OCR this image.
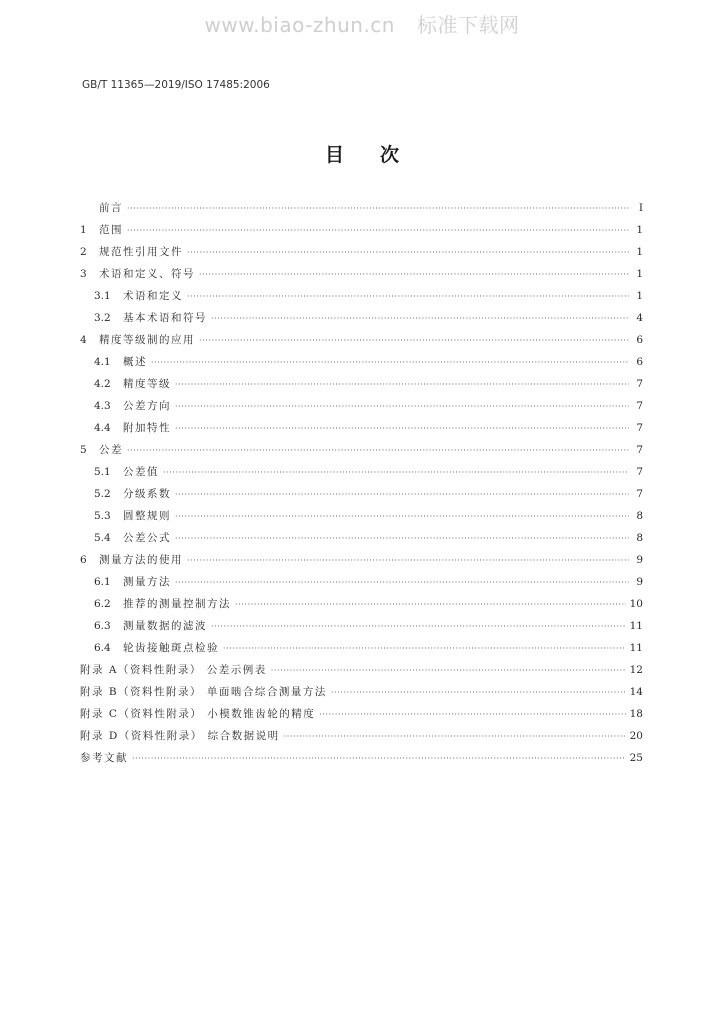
www.biao-zhun.cn 标准下载网
GB/T 11365—2019/ISO 17485:2006
目次
前言 ·····	Ⅰ
1	范围 ·····	1
2	规范性引用文件 ·····	1
3	术语和定义、符号 ·····	1
3.1	术语和定义 ·····	1
3.2	基本术语和符号 ·····	4
4	精度等级制的应用 ·····	6
4.1	概述 ·····	6
4.2	精度等级 ·····	7
4.3	公差方向 ·····	7
4.4	附加特性 ·····	7
5	公差 ·····	7
5.1	公差值 ·····	7
5.2	分级系数 ·····	7
5.3	圆整规则 ·····	8
5.4	公差公式 ·····	8
6	测量方法的使用 ·····	9
6.1	测量方法 ·····	9
6.2	推荐的测量控制方法 ·····	10
6.3	测量数据的滤波 ·····	11
6.4	轮齿接触斑点检验 ·····	11
附录 A（资料性附录） 公差示例表 ·····	12
附录 B（资料性附录） 单面啮合综合测量方法 ·····	14
附录 C（资料性附录） 小模数锥齿轮的精度 ·····	18
附录 D（资料性附录） 综合数据说明 ·····	20
参考文献 ·····	25
